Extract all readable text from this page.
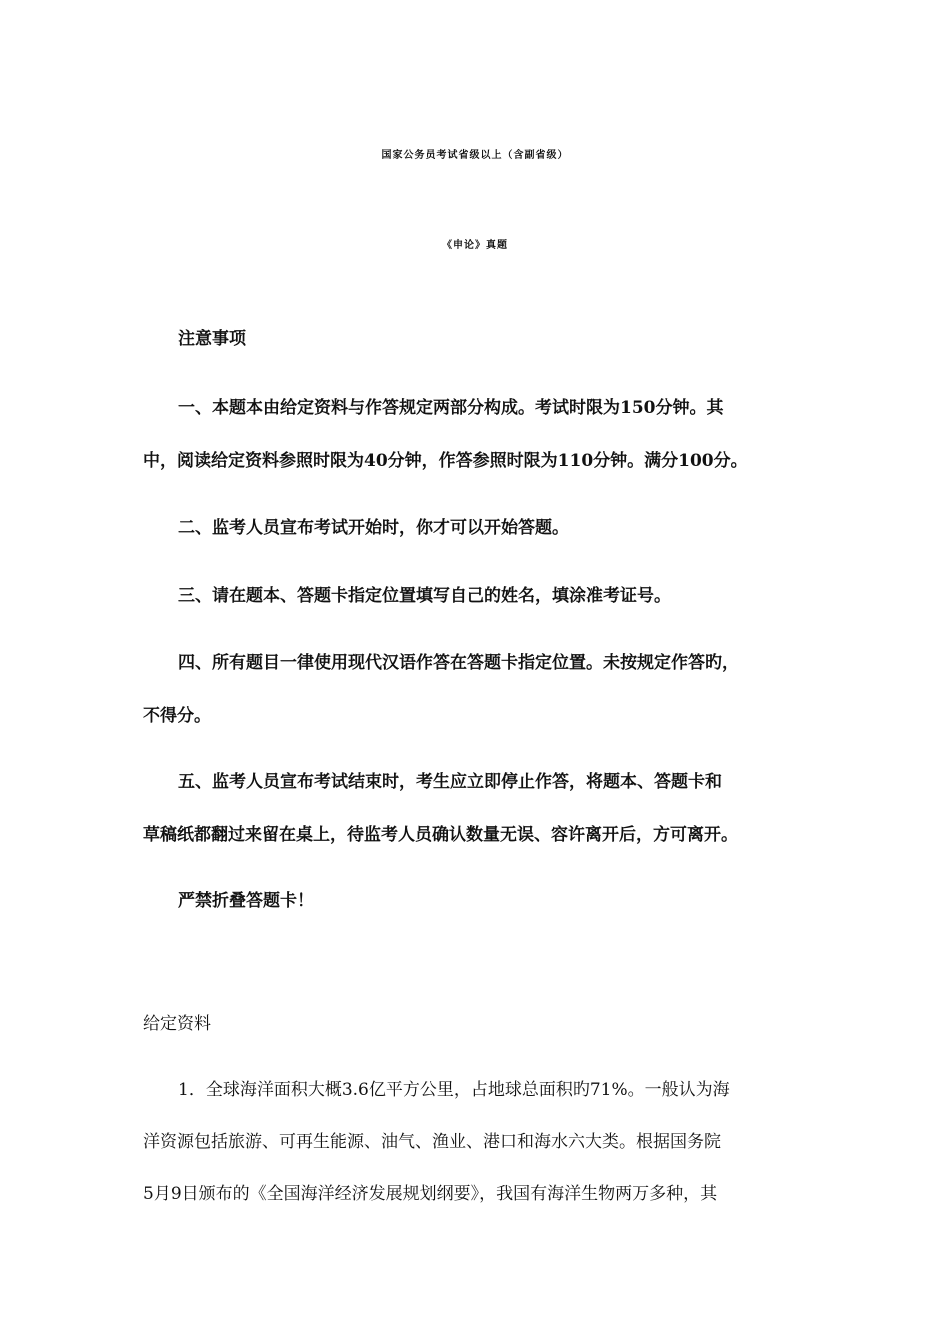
国家公务员考试省级以上（含副省级）
《申论》真题
注意事项
一、本题本由给定资料与作答规定两部分构成。考试时限为150分钟。其
中，阅读给定资料参照时限为40分钟，作答参照时限为110分钟。满分100分。
二、监考人员宣布考试开始时，你才可以开始答题。
三、请在题本、答题卡指定位置填写自己的姓名，填涂准考证号。
四、所有题目一律使用现代汉语作答在答题卡指定位置。未按规定作答旳，
不得分。
五、监考人员宣布考试结束时，考生应立即停止作答，将题本、答题卡和
草稿纸都翻过来留在桌上，待监考人员确认数量无误、容许离开后，方可离开。
严禁折叠答题卡！
给定资料
1．全球海洋面积大概3.6亿平方公里，占地球总面积旳71%。一般认为海
洋资源包括旅游、可再生能源、油气、渔业、港口和海水六大类。根据国务院
5月9日颁布的《全国海洋经济发展规划纲要》，我国有海洋生物两万多种，其
